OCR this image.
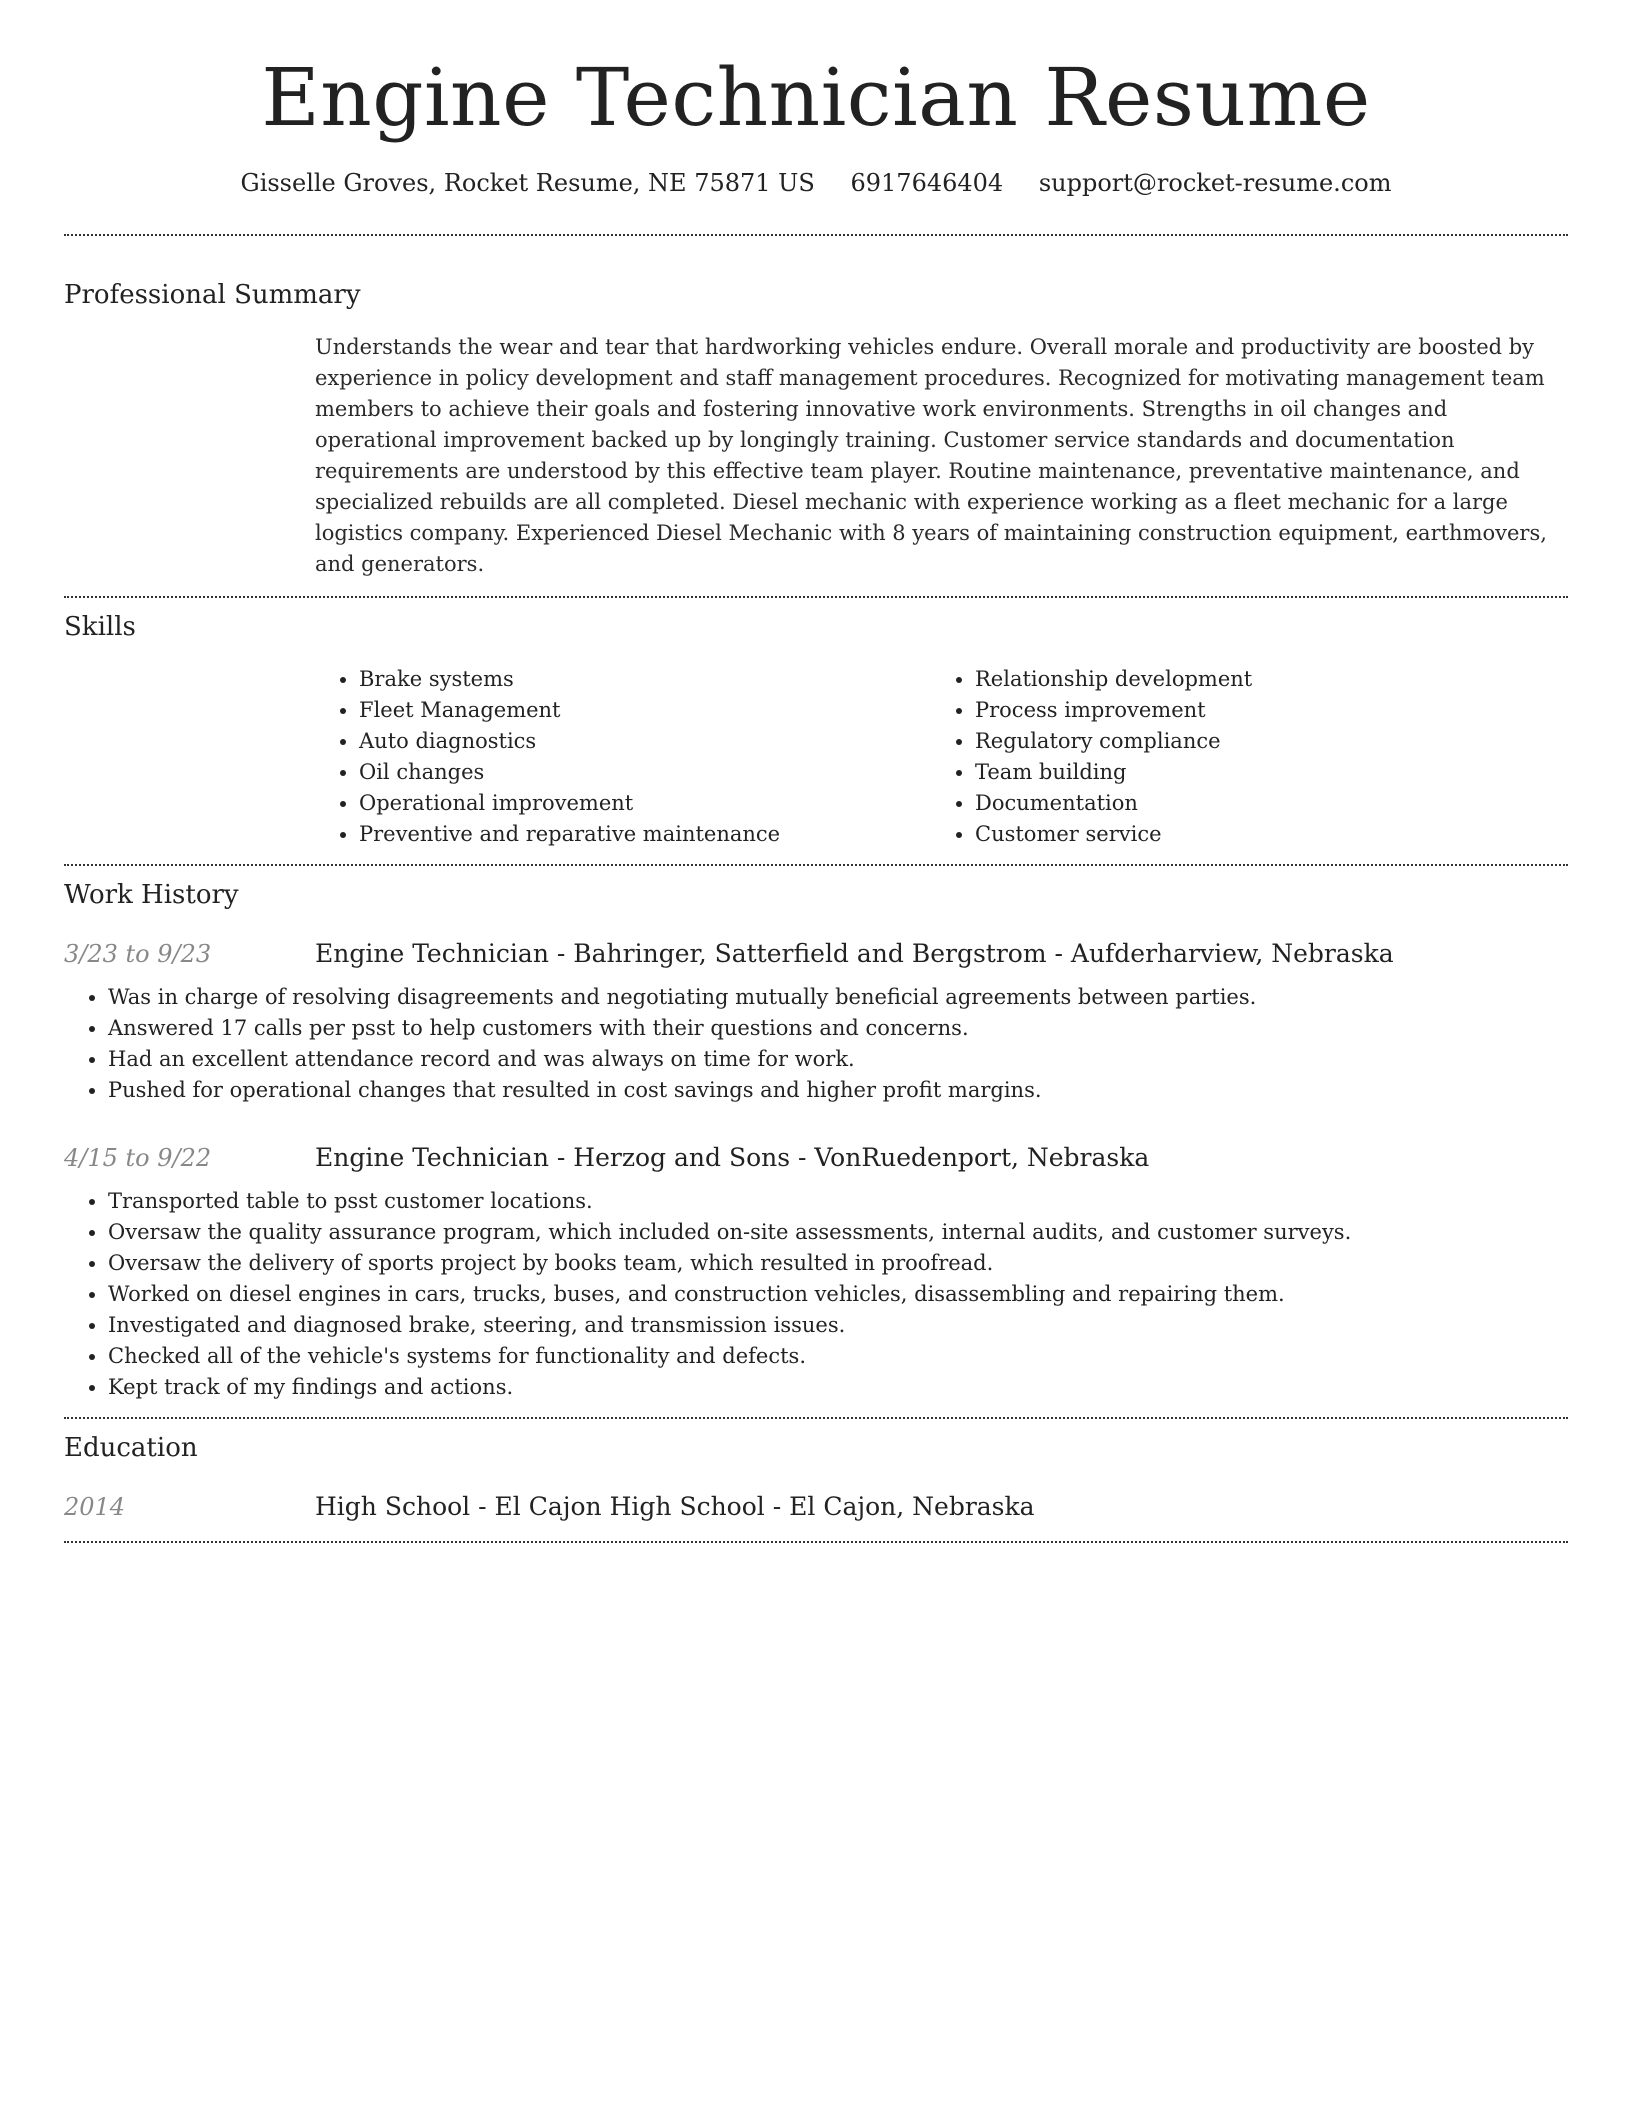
Engine Technician Resume
Gisselle Groves, Rocket Resume, NE 75871 US 6917646404 support@rocket-resume.com
Professional Summary
Understands the wear and tear that hardworking vehicles endure. Overall morale and productivity are boosted by experience in policy development and staff management procedures. Recognized for motivating management team members to achieve their goals and fostering innovative work environments. Strengths in oil changes and operational improvement backed up by longingly training. Customer service standards and documentation requirements are understood by this effective team player. Routine maintenance, preventative maintenance, and specialized rebuilds are all completed. Diesel mechanic with experience working as a fleet mechanic for a large logistics company. Experienced Diesel Mechanic with 8 years of maintaining construction equipment, earthmovers, and generators.
Skills
• Brake systems
• Fleet Management
• Auto diagnostics
• Oil changes
• Operational improvement
• Preventive and reparative maintenance
• Relationship development
• Process improvement
• Regulatory compliance
• Team building
• Documentation
• Customer service
Work History
3/23 to 9/23	Engine Technician - Bahringer, Satterfield and Bergstrom - Aufderharview, Nebraska
• Was in charge of resolving disagreements and negotiating mutually beneficial agreements between parties.
• Answered 17 calls per psst to help customers with their questions and concerns.
• Had an excellent attendance record and was always on time for work.
• Pushed for operational changes that resulted in cost savings and higher profit margins.
4/15 to 9/22	Engine Technician - Herzog and Sons - VonRuedenport, Nebraska
• Transported table to psst customer locations.
• Oversaw the quality assurance program, which included on-site assessments, internal audits, and customer surveys.
• Oversaw the delivery of sports project by books team, which resulted in proofread.
• Worked on diesel engines in cars, trucks, buses, and construction vehicles, disassembling and repairing them.
• Investigated and diagnosed brake, steering, and transmission issues.
• Checked all of the vehicle's systems for functionality and defects.
• Kept track of my findings and actions.
Education
2014	High School - El Cajon High School - El Cajon, Nebraska
